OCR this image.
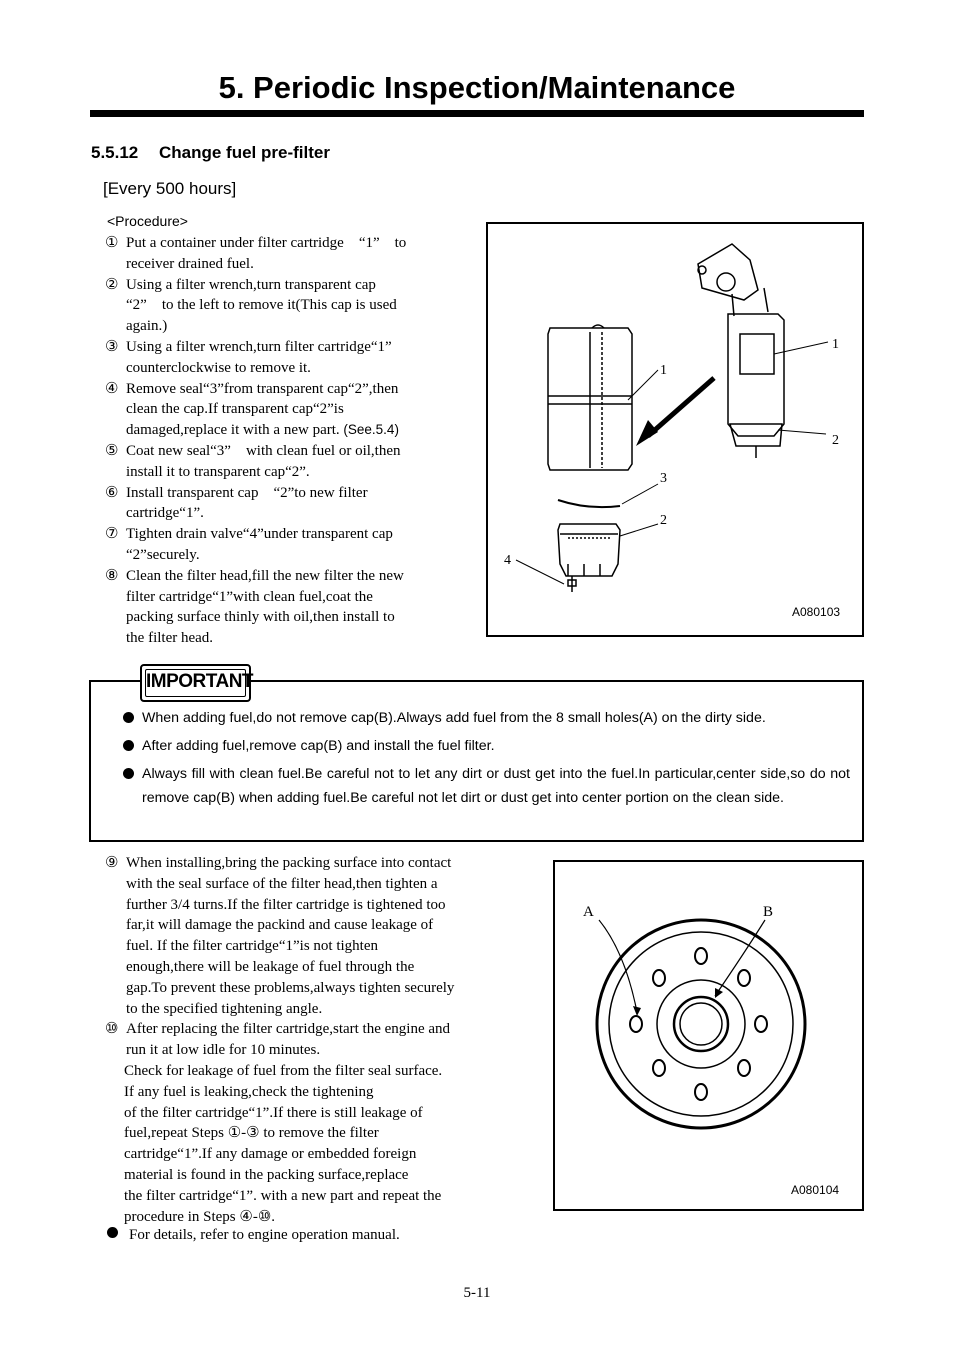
5. Periodic Inspection/Maintenance
5.5.12 Change fuel pre-filter
[Every 500 hours]
<Procedure>
① Put a container under filter cartridge　“1”　to
receiver drained fuel.
② Using a filter wrench,turn transparent cap
“2”　to the left to remove it(This cap is used
again.)
③ Using a filter wrench,turn filter cartridge“1”
counterclockwise to remove it.
④ Remove seal“3”from transparent cap“2”,then
clean the cap.If transparent cap“2”is
damaged,replace it with a new part. (See.5.4)
⑤ Coat new seal“3”　with clean fuel or oil,then
install it to transparent cap“2”.
⑥ Install transparent cap　“2”to new filter
cartridge“1”.
⑦ Tighten drain valve“4”under transparent cap
“2”securely.
⑧ Clean the filter head,fill the new filter the new
filter cartridge“1”with clean fuel,coat the
packing surface thinly with oil,then install to
the filter head.
1
1
2
3
2
4
A080103
IMPORTANT
When adding fuel,do not remove cap(B).Always add fuel from the 8 small holes(A) on the dirty side.
After adding fuel,remove cap(B) and install the fuel filter.
Always fill with clean fuel.Be careful not to let any dirt or dust get into the fuel.In particular,center side,so do not remove cap(B) when adding fuel.Be careful not let dirt or dust get into center portion on the clean side.
⑨ When installing,bring the packing surface into contact
with the seal surface of the filter head,then tighten a
further 3/4 turns.If the filter cartridge is tightened too
far,it will damage the packind and cause leakage of
fuel. If the filter cartridge“1”is not tighten
enough,there will be leakage of fuel through the
gap.To prevent these problems,always tighten securely
to the specified tightening angle.
⑩ After replacing the filter cartridge,start the engine and
run it at low idle for 10 minutes.
Check for leakage of fuel from the filter seal surface.
If any fuel is leaking,check the tightening
of the filter cartridge“1”.If there is still leakage of
fuel,repeat Steps ①-③ to remove the filter
cartridge“1”.If any damage or embedded foreign
material is found in the packing surface,replace
the filter cartridge“1”. with a new part and repeat the
procedure in Steps ④-⑩.
For details, refer to engine operation manual.
A	B
A080104
5-11
